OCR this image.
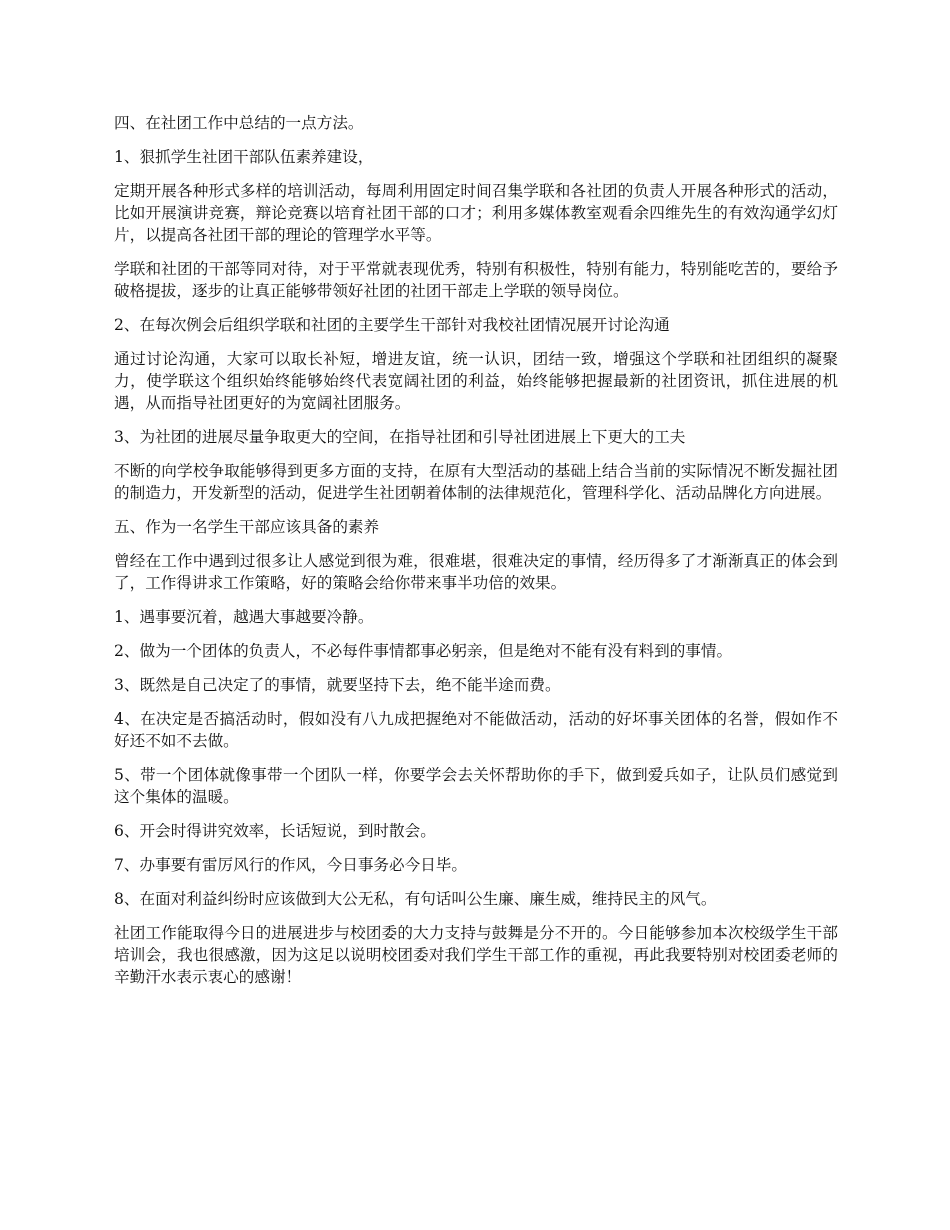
四、在社团工作中总结的一点方法。

1、狠抓学生社团干部队伍素养建设，

定期开展各种形式多样的培训活动，每周利用固定时间召集学联和各社团的负责人开展各种形式的活动，比如开展演讲竞赛，辩论竞赛以培育社团干部的口才；利用多媒体教室观看余四维先生的有效沟通学幻灯片，以提高各社团干部的理论的管理学水平等。

学联和社团的干部等同对待，对于平常就表现优秀，特别有积极性，特别有能力，特别能吃苦的，要给予破格提拔，逐步的让真正能够带领好社团的社团干部走上学联的领导岗位。

2、在每次例会后组织学联和社团的主要学生干部针对我校社团情况展开讨论沟通

通过讨论沟通，大家可以取长补短，增进友谊，统一认识，团结一致，增强这个学联和社团组织的凝聚力，使学联这个组织始终能够始终代表宽阔社团的利益，始终能够把握最新的社团资讯，抓住进展的机遇，从而指导社团更好的为宽阔社团服务。

3、为社团的进展尽量争取更大的空间，在指导社团和引导社团进展上下更大的工夫

不断的向学校争取能够得到更多方面的支持，在原有大型活动的基础上结合当前的实际情况不断发掘社团的制造力，开发新型的活动，促进学生社团朝着体制的法律规范化，管理科学化、活动品牌化方向进展。

五、作为一名学生干部应该具备的素养

曾经在工作中遇到过很多让人感觉到很为难，很难堪，很难决定的事情，经历得多了才渐渐真正的体会到了，工作得讲求工作策略，好的策略会给你带来事半功倍的效果。

1、遇事要沉着，越遇大事越要冷静。

2、做为一个团体的负责人，不必每件事情都事必躬亲，但是绝对不能有没有料到的事情。

3、既然是自己决定了的事情，就要坚持下去，绝不能半途而费。

4、在决定是否搞活动时，假如没有八九成把握绝对不能做活动，活动的好坏事关团体的名誉，假如作不好还不如不去做。

5、带一个团体就像事带一个团队一样，你要学会去关怀帮助你的手下，做到爱兵如子，让队员们感觉到这个集体的温暖。

6、开会时得讲究效率，长话短说，到时散会。

7、办事要有雷厉风行的作风，今日事务必今日毕。

8、在面对利益纠纷时应该做到大公无私，有句话叫公生廉、廉生威，维持民主的风气。

社团工作能取得今日的进展进步与校团委的大力支持与鼓舞是分不开的。今日能够参加本次校级学生干部培训会，我也很感激，因为这足以说明校团委对我们学生干部工作的重视，再此我要特别对校团委老师的辛勤汗水表示衷心的感谢！
